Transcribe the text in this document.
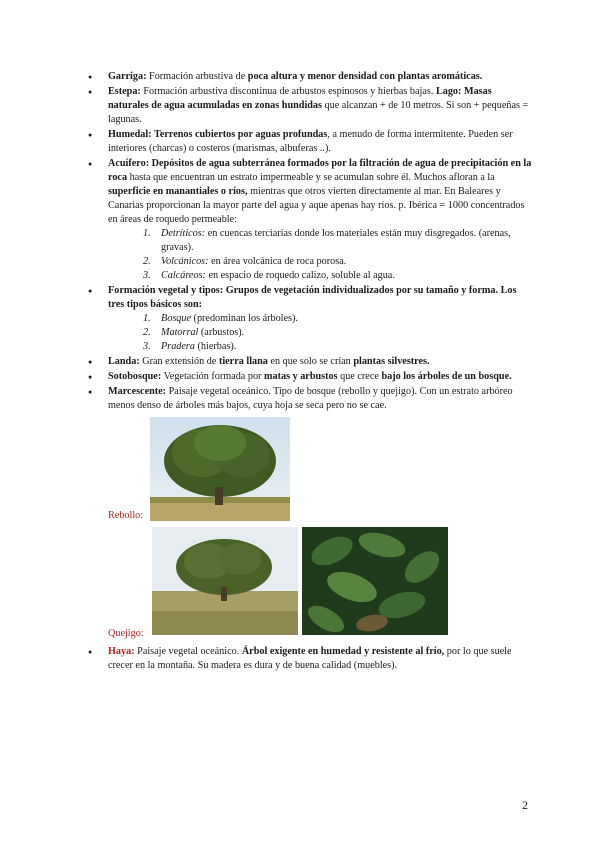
● Garriga: Formación arbustiva de poca altura y menor densidad con plantas aromáticas.
● Estepa: Formación arbustiva discontinua de arbustos espinosos y hierbas bajas. Lago: Masas naturales de agua acumuladas en zonas hundidas que alcanzan + de 10 metros. Si son + pequeñas = lagunas.
● Humedal: Terrenos cubiertos por aguas profundas, a menudo de forma intermitente. Pueden ser interiores (charcas) o costeros (marismas, albuferas ..).
● Acuífero: Depósitos de agua subterránea formados por la filtración de agua de precipitación en la roca hasta que encuentran un estrato impermeable y se acumulan sobre él. Muchos afloran a la superficie en manantiales o ríos, mientras que otros vierten directamente al mar. En Baleares y Canarias proporcionan la mayor parte del agua y aque apenas hay ríos. p. Ibérica = 1000 concentrados en áreas de roquedo permeable:
1. Detríticos: en cuencas terciarias donde los materiales están muy disgregados. (arenas, gravas).
2. Volcánicos: en área volcánica de roca porosa.
3. Calcáreos: en espacio de roquedo calizo, soluble al agua.
● Formación vegetal y tipos: Grupos de vegetación individualizados por su tamaño y forma. Los tres tipos básicos son:
1. Bosque (predominan los árboles).
2. Matorral (arbustos).
3. Pradera (hierbas).
● Landa: Gran extensión de tierra llana en que solo se crían plantas silvestres.
● Sotobosque: Vegetación formada por matas y arbustos que crece bajo los árboles de un bosque.
● Marcescente: Paisaje vegetal oceánico. Tipo de bosque (rebollo y quejigo). Con un estrato arbóreo menos denso de árboles más bajos, cuya hoja se seca pero no se cae.
Rebollo:
Quejigo:
● Haya: Paisaje vegetal oceánico. Árbol exigente en humedad y resistente al frío, por lo que suele crecer en la montaña. Su madera es dura y de buena calidad (muebles).
2
